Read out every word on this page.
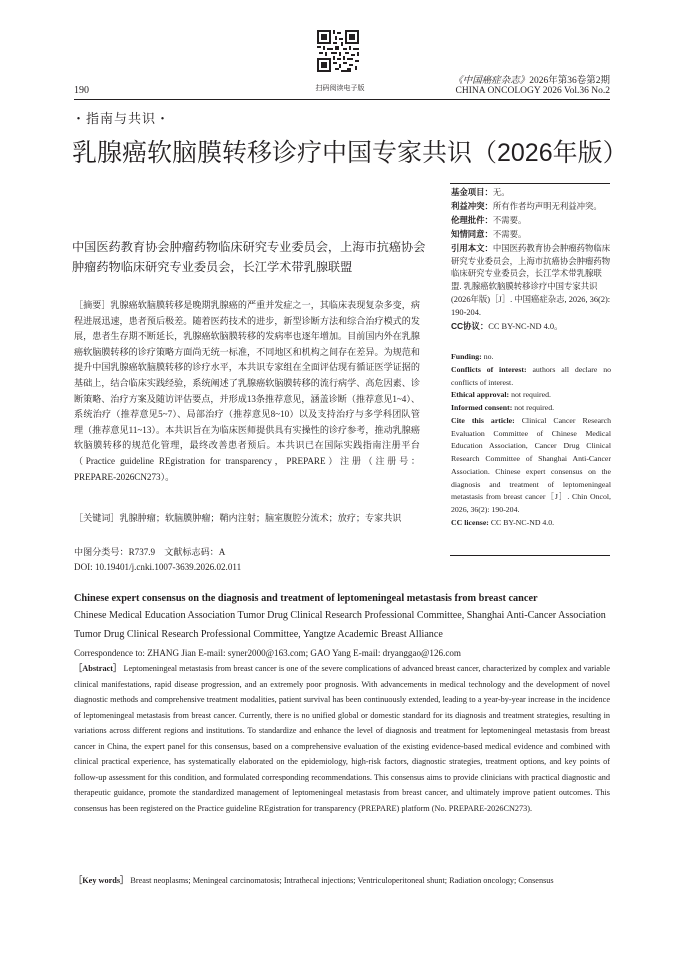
扫码阅读电子版
190
《中国癌症杂志》2026年第36卷第2期
CHINA ONCOLOGY 2026 Vol.36 No.2
・指南与共识・
乳腺癌软脑膜转移诊疗中国专家共识（2026年版）
中国医药教育协会肿瘤药物临床研究专业委员会，上海市抗癌协会肿瘤药物临床研究专业委员会，长江学术带乳腺联盟
［摘要］乳腺癌软脑膜转移是晚期乳腺癌的严重并发症之一，其临床表现复杂多变，病程进展迅速，患者预后极差。随着医药技术的进步，新型诊断方法和综合治疗模式的发展，患者生存期不断延长，乳腺癌软脑膜转移的发病率也逐年增加。目前国内外在乳腺癌软脑膜转移的诊疗策略方面尚无统一标准，不同地区和机构之间存在差异。为规范和提升中国乳腺癌软脑膜转移的诊疗水平，本共识专家组在全面评估现有循证医学证据的基础上，结合临床实践经验，系统阐述了乳腺癌软脑膜转移的流行病学、高危因素、诊断策略、治疗方案及随访评估要点，并形成13条推荐意见，涵盖诊断（推荐意见1~4）、系统治疗（推荐意见5~7）、局部治疗（推荐意见8~10）以及支持治疗与多学科团队管理（推荐意见11~13）。本共识旨在为临床医师提供具有实操性的诊疗参考，推动乳腺癌软脑膜转移的规范化管理，最终改善患者预后。本共识已在国际实践指南注册平台（Practice guideline REgistration for transparency，PREPARE）注册（注册号：PREPARE-2026CN273）。
［关键词］乳腺肿瘤；软脑膜肿瘤；鞘内注射；脑室腹腔分流术；放疗；专家共识
中图分类号：R737.9 文献标志码：A
DOI: 10.19401/j.cnki.1007-3639.2026.02.011

基金项目：无。

利益冲突：所有作者均声明无利益冲突。

伦理批件：不需要。

知情同意：不需要。

引用本文：中国医药教育协会肿瘤药物临床研究专业委员会，上海市抗癌协会肿瘤药物临床研究专业委员会，长江学术带乳腺联盟. 乳腺癌软脑膜转移诊疗中国专家共识(2026年版)［J］. 中国癌症杂志, 2026, 36(2): 190-204.

CC协议：CC BY-NC-ND 4.0。

Funding: no.

Conflicts of interest: authors all declare no conflicts of interest.

Ethical approval: not required.

Informed consent: not required.

Cite this article: Clinical Cancer Research Evaluation Committee of Chinese Medical Education Association, Cancer Drug Clinical Research Committee of Shanghai Anti-Cancer Association. Chinese expert consensus on the diagnosis and treatment of leptomeningeal metastasis from breast cancer［J］. Chin Oncol, 2026, 36(2): 190-204.

CC license: CC BY-NC-ND 4.0.

Chinese expert consensus on the diagnosis and treatment of leptomeningeal metastasis from breast cancer
Chinese Medical Education Association Tumor Drug Clinical Research Professional Committee, Shanghai Anti-Cancer Association Tumor Drug Clinical Research Professional Committee, Yangtze Academic Breast Alliance
Correspondence to: ZHANG Jian E-mail: syner2000@163.com; GAO Yang E-mail: dryanggao@126.com
［Abstract］ Leptomeningeal metastasis from breast cancer is one of the severe complications of advanced breast cancer, characterized by complex and variable clinical manifestations, rapid disease progression, and an extremely poor prognosis. With advancements in medical technology and the development of novel diagnostic methods and comprehensive treatment modalities, patient survival has been continuously extended, leading to a year-by-year increase in the incidence of leptomeningeal metastasis from breast cancer. Currently, there is no unified global or domestic standard for its diagnosis and treatment strategies, resulting in variations across different regions and institutions. To standardize and enhance the level of diagnosis and treatment for leptomeningeal metastasis from breast cancer in China, the expert panel for this consensus, based on a comprehensive evaluation of the existing evidence-based medical evidence and combined with clinical practical experience, has systematically elaborated on the epidemiology, high-risk factors, diagnostic strategies, treatment options, and key points of follow-up assessment for this condition, and formulated corresponding recommendations. This consensus aims to provide clinicians with practical diagnostic and therapeutic guidance, promote the standardized management of leptomeningeal metastasis from breast cancer, and ultimately improve patient outcomes. This consensus has been registered on the Practice guideline REgistration for transparency (PREPARE) platform (No. PREPARE-2026CN273).
［Key words］ Breast neoplasms; Meningeal carcinomatosis; Intrathecal injections; Ventriculoperitoneal shunt; Radiation oncology; Consensus
